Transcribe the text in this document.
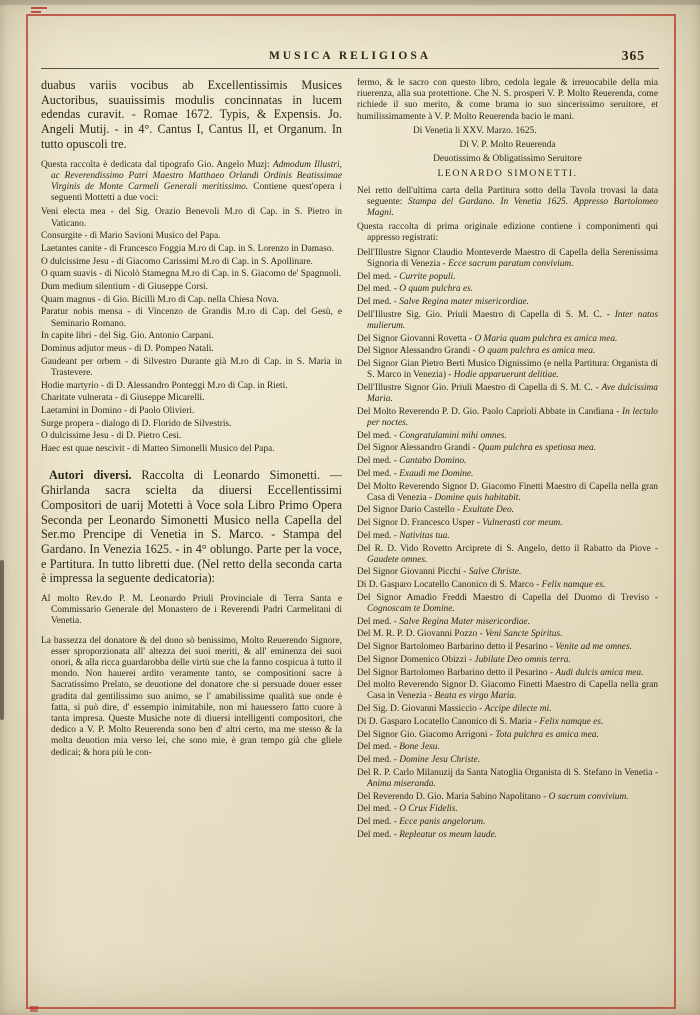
MUSICA RELIGIOSA	365

duabus variis vocibus ab Excellentissimis Musices Auctoribus, suauissimis modulis concinnatas in lucem edendas curavit. - Romae 1672. Typis, & Expensis. Jo. Angeli Mutij. - in 4°. Cantus I, Cantus II, et Organum. In tutto opuscoli tre.

Questa raccolta è dedicata dal tipografo Gio. Angelo Muzj: Admodum Illustri, ac Reverendissimo Patri Maestro Matthaeo Orlandi Ordinis Beatissimae Virginis de Monte Carmeli Generali meritissimo. Contiene quest'opera i seguenti Mottetti a due voci:

Veni electa mea - del Sig. Orazio Benevoli M.ro di Cap. in S. Pietro in Vaticano.

Consurgite - di Mario Savioni Musico del Papa.

Laetantes canite - di Francesco Foggia M.ro di Cap. in S. Lorenzo in Damaso.

O dulcissime Jesu - di Giacomo Carissimi M.ro di Cap. in S. Apollinare.

O quam suavis - di Nicolò Stamegna M.ro di Cap. in S. Giacomo de' Spagnuoli.

Dum medium silentium - di Giuseppe Corsi.

Quam magnus - di Gio. Bicilli M.ro di Cap. nella Chiesa Nova.

Paratur nobis mensa - di Vincenzo de Grandis M.ro di Cap. del Gesù, e Seminario Romano.

In capite libri - del Sig. Gio. Antonio Carpani.

Dominus adjutor meus - di D. Pompeo Natali.

Gaudeant per orbem - di Silvestro Durante già M.ro di Cap. in S. Maria in Trastevere.

Hodie martyrio - di D. Alessandro Ponteggi M.ro di Cap. in Rieti.

Charitate vulnerata - di Giuseppe Micarelli.

Laetamini in Domino - di Paolo Olivieri.

Surge propera - dialogo di D. Florido de Silvestris.

O dulcissime Jesu - di D. Pietro Cesi.

Haec est quae nescivit - di Matteo Simonelli Musico del Papa.

Autori diversi. Raccolta di Leonardo Simonetti. — Ghirlanda sacra scielta da diuersi Eccellentissimi Compositori de uarij Motetti à Voce sola Libro Primo Opera Seconda per Leonardo Simonetti Musico nella Capella del Ser.mo Prencipe di Venetia in S. Marco. - Stampa del Gardano. In Venezia 1625. - in 4° oblungo. Parte per la voce, e Partitura. In tutto libretti due. (Nel retto della seconda carta è impressa la seguente dedicatoria):

Al molto Rev.do P. M. Leonardo Priuli Provinciale di Terra Santa e Commissario Generale del Monastero de i Reverendi Padri Carmelitani di Venetia.

La bassezza del donatore & del dono sò benissimo, Molto Reuerendo Signore, esser sproporzionata all' altezza dei suoi meriti, & all' eminenza dei suoi onori, & alla ricca guardarobba delle virtù sue che la fanno cospicua à tutto il mondo. Non hauerei ardito veramente tanto, se compositioni sacre à Sacratissimo Prelato, se deuotione del donatore che si persuade douer esser gradita dal gentilissimo suo animo, se l' amabilissime qualità sue onde è fatta, si può dire, d' essempio inimitabile, non mi hauessero fatto cuore à tanta impresa. Queste Musiche note di diuersi intelligenti compositori, che dedico a V. P. Molto Reuerenda sono ben d' altri certo, ma me stesso & la molta deuotion mia verso lei, che sono mie, è gran tempo già che gliele dedicai; & hora più le con-

fermo, & le sacro con questo libro, cedola legale & irreuocabile della mia riuerenza, alla sua protettione. Che N. S. prosperi V. P. Molto Reuerenda, come richiede il suo merito, & come brama io suo sincerissimo seruitore, et humilissimamente à V. P. Molto Reuerenda bacio le mani.

Di Venetia li XXV. Marzo. 1625.

Di V. P. Molto Reuerenda

Deuotissimo & Obligatissimo Seruitore

LEONARDO SIMONETTI.

Nel retto dell'ultima carta della Partitura sotto della Tavola trovasi la data seguente: Stampa del Gardano. In Venetia 1625. Appresso Bartolomeo Magni.

Questa raccolta di prima originale edizione contiene i componimenti qui appresso registrati:

Dell'Illustre Signor Claudio Monteverde Maestro di Capella della Serenissima Signoria di Venezia - Ecce sacrum paratum convivium.

Del med. - Currite populi.

Del med. - O quam pulchra es.

Del med. - Salve Regina mater misericordiae.

Dell'Illustre Sig. Gio. Priuli Maestro di Capella di S. M. C. - Inter natos mulierum.

Del Signor Giovanni Rovetta - O Maria quam pulchra es amica mea.

Del Signor Alessandro Grandi - O quam pulchra es amica mea.

Del Signor Gian Pietro Berti Musico Dignissimo (e nella Partitura: Organista di S. Marco in Venezia) - Hodie apparuerunt delitiae.

Dell'Illustre Signor Gio. Priuli Maestro di Capella di S. M. C. - Ave dulcissima Maria.

Del Molto Reverendo P. D. Gio. Paolo Caprioli Abbate in Candiana - In lectulo per noctes.

Del med. - Congratulamini mihi omnes.

Del Signor Alessandro Grandi - Quam pulchra es spetiosa mea.

Del med. - Cantabo Domino.

Del med. - Exaudi me Domine.

Del Molto Reverendo Signor D. Giacomo Finetti Maestro di Capella nella gran Casa di Venezia - Domine quis habitabit.

Del Signor Dario Castello - Exultate Deo.

Del Signor D. Francesco Usper - Vulnerasti cor meum.

Del med. - Nativitas tua.

Del R. D. Vido Rovetto Arciprete di S. Angelo, detto il Rabatto da Piove - Gaudete omnes.

Del Signor Giovanni Picchi - Salve Christe.

Di D. Gasparo Locatello Canonico di S. Marco - Felix namque es.

Del Signor Amadio Freddi Maestro di Capella del Duomo di Treviso - Cognoscam te Domine.

Del med. - Salve Regina Mater misericordiae.

Del M. R. P. D. Giovanni Pozzo - Veni Sancte Spiritus.

Del Signor Bartolomeo Barbarino detto il Pesarino - Venite ad me omnes.

Del Signor Domenico Obizzi - Jubilate Deo omnis terra.

Del Signor Bartolomeo Barbarino detto il Pesarino - Audi dulcis amica mea.

Del molto Reverendo Signor D. Giacomo Finetti Maestro di Capella nella gran Casa in Venezia - Beata es virgo Maria.

Del Sig. D. Giovanni Massiccio - Accipe dilecte mi.

Di D. Gasparo Locatello Canonico di S. Maria - Felix namque es.

Del Signor Gio. Giacomo Arrigoni - Tota pulchra es amica mea.

Del med. - Bone Jesu.

Del med. - Domine Jesu Christe.

Del R. P. Carlo Milanuzij da Santa Natoglia Organista di S. Stefano in Venetia - Anima miseranda.

Del Reverendo D. Gio. Maria Sabino Napolitano - O sacrum convivium.

Del med. - O Crux Fidelis.

Del med. - Ecce panis angelorum.

Del med. - Repleatur os meum laude.
